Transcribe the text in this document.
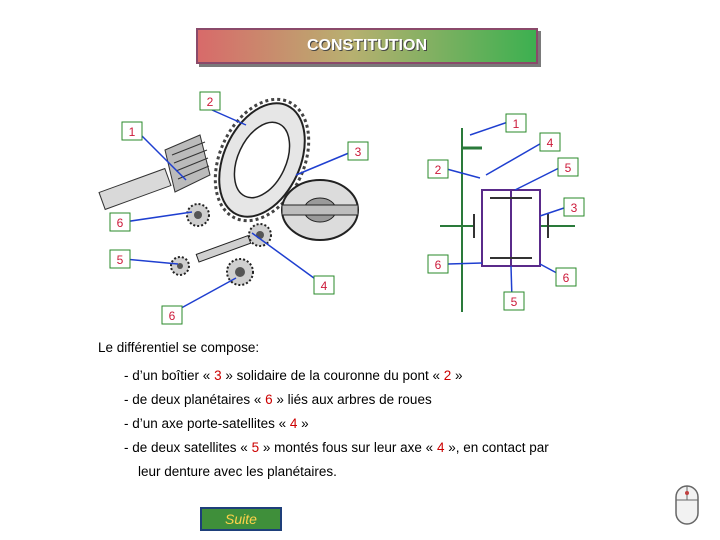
CONSTITUTION
2
1
3
6
5
4
6
1
4
2	5
3
6
6
5

Le différentiel se compose:

- d’un boîtier « 3 » solidaire de la couronne du pont « 2 »
- de deux planétaires « 6 » liés aux arbres de roues
- d’un axe porte-satellites « 4 »
- de deux satellites « 5 » montés fous sur leur axe « 4 », en contact par
leur denture avec les planétaires.
Suite
